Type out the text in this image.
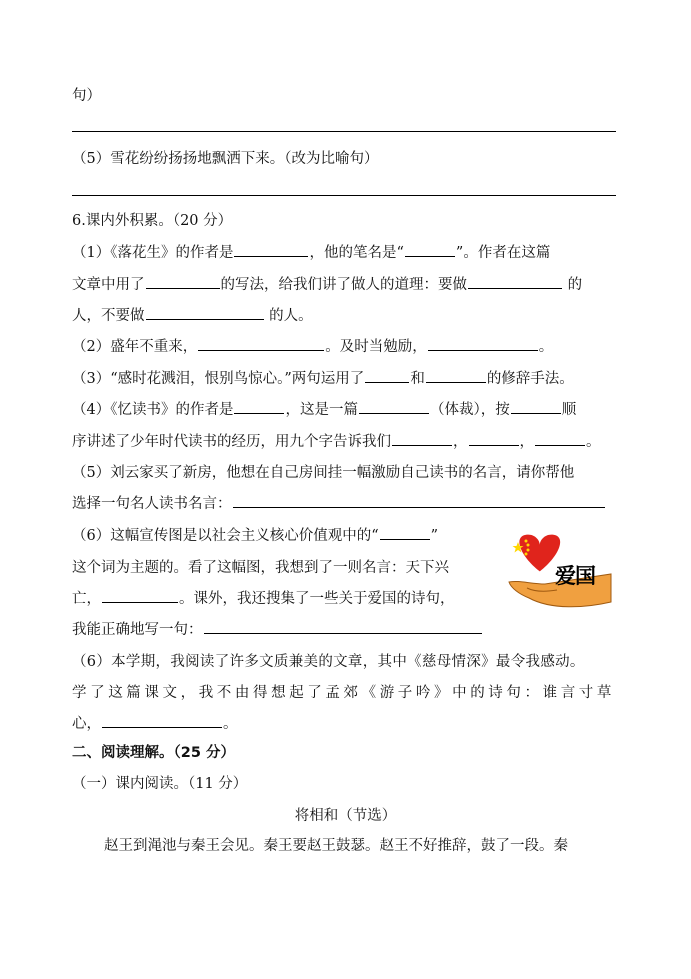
句）
（5）雪花纷纷扬扬地飘洒下来。（改为比喻句）
6.课内外积累。（20 分）
（1）《落花生》的作者是	，他的笔名是“	”。作者在这篇
文章中用了	的写法，给我们讲了做人的道理：要做	的
人，不要做	的人。
（2）盛年不重来，	。及时当勉励，	。
（3）“感时花溅泪，恨别鸟惊心。”两句运用了	和	的修辞手法。
（4）《忆读书》的作者是	，这是一篇	（体裁），按	顺
序讲述了少年时代读书的经历，用九个字告诉我们	，	，	。
（5）刘云家买了新房，他想在自己房间挂一幅激励自己读书的名言，请你帮他
选择一句名人读书名言：
（6）这幅宣传图是以社会主义核心价值观中的“	”
这个词为主题的。看了这幅图，我想到了一则名言：天下兴
亡，	。课外，我还搜集了一些关于爱国的诗句，
我能正确地写一句：
爱国
（6）本学期，我阅读了许多文质兼美的文章，其中《慈母情深》最令我感动。
学了这篇课文，我不由得想起了孟郊《游子吟》中的诗句：谁言寸草
心，	。
二、阅读理解。（25 分）
（一）课内阅读。（11 分）
将相和（节选）
赵王到渑池与秦王会见。秦王要赵王鼓瑟。赵王不好推辞，鼓了一段。秦
